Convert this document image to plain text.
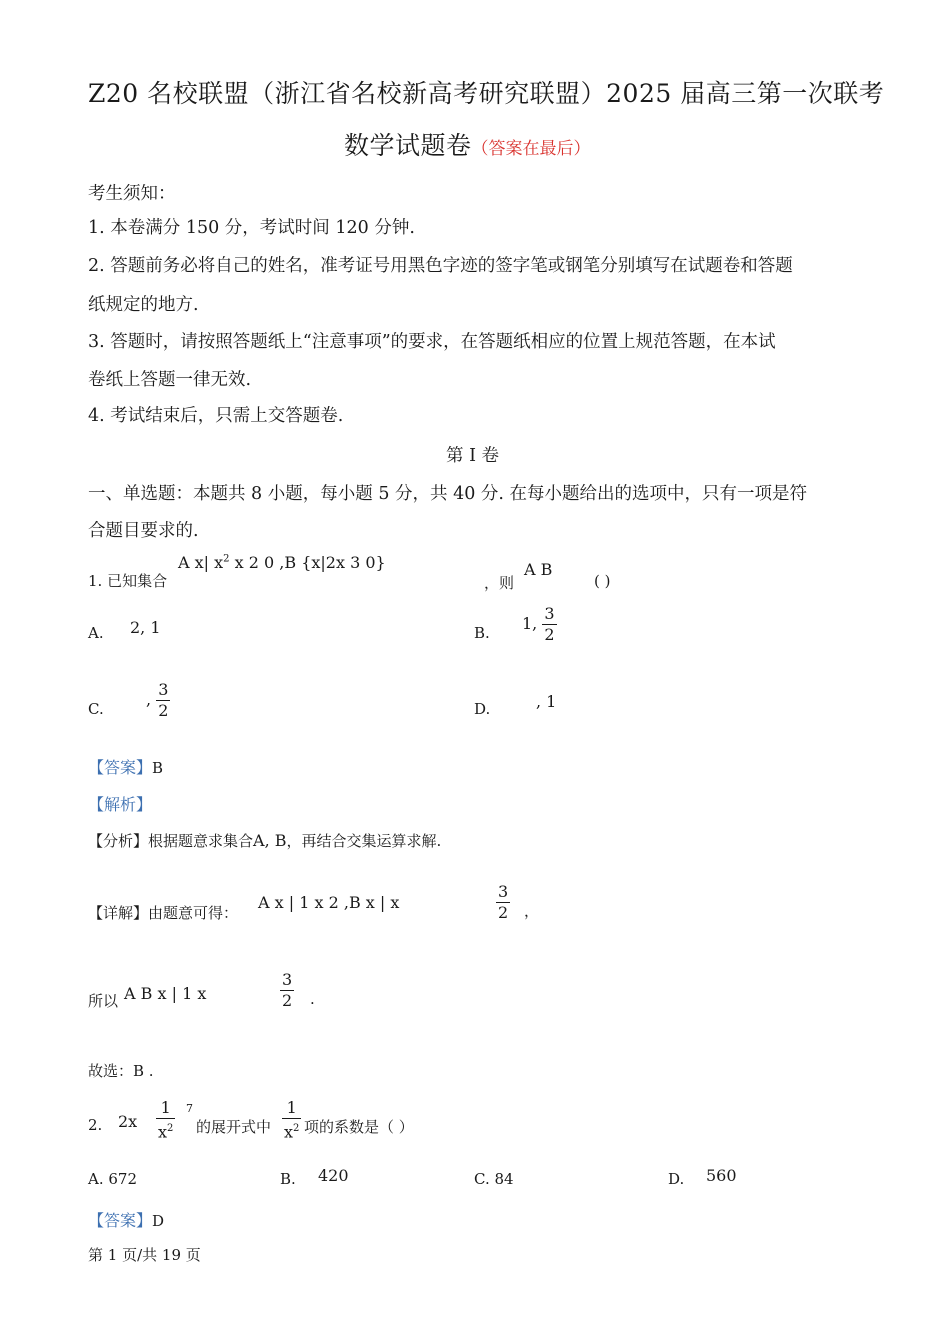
Z20 名校联盟（浙江省名校新高考研究联盟）2025 届高三第一次联考
数学试题卷（答案在最后）
考生须知：
1. 本卷满分 150 分，考试时间 120 分钟.
2. 答题前务必将自己的姓名，准考证号用黑色字迹的签字笔或钢笔分别填写在试题卷和答题
纸规定的地方.
3. 答题时，请按照答题纸上“注意事项”的要求，在答题纸相应的位置上规范答题，在本试
卷纸上答题一律无效.
4. 考试结束后，只需上交答题卷.
第 I 卷
一、单选题：本题共 8 小题，每小题 5 分，共 40 分. 在每小题给出的选项中，只有一项是符
合题目要求的.
1. 已知集合
A x| $x^2$ x 2 0 ,B {x|2x 3 0}
，则
A B
( )
A. 2, 1	B. 1, $\frac{3}{2}$
C.	, $\frac{3}{2}$	D.	, 1
【答案】B
【解析】
【分析】根据题意求集合A, B，再结合交集运算求解.
【详解】由题意可得：
A x | 1 x 2 ,B x | x	$\frac{3}{2}$ ，
所以 A B x | 1 x	$\frac{3}{2}$ .
故选：B .
2. $2x \frac{1}{x^2} 7$
的展开式中 $\frac{1}{x^2}$ 项的系数是（ ）
A. 672	B. 420	C. 84	D. 560
【答案】D
第 1 页/共 19 页
